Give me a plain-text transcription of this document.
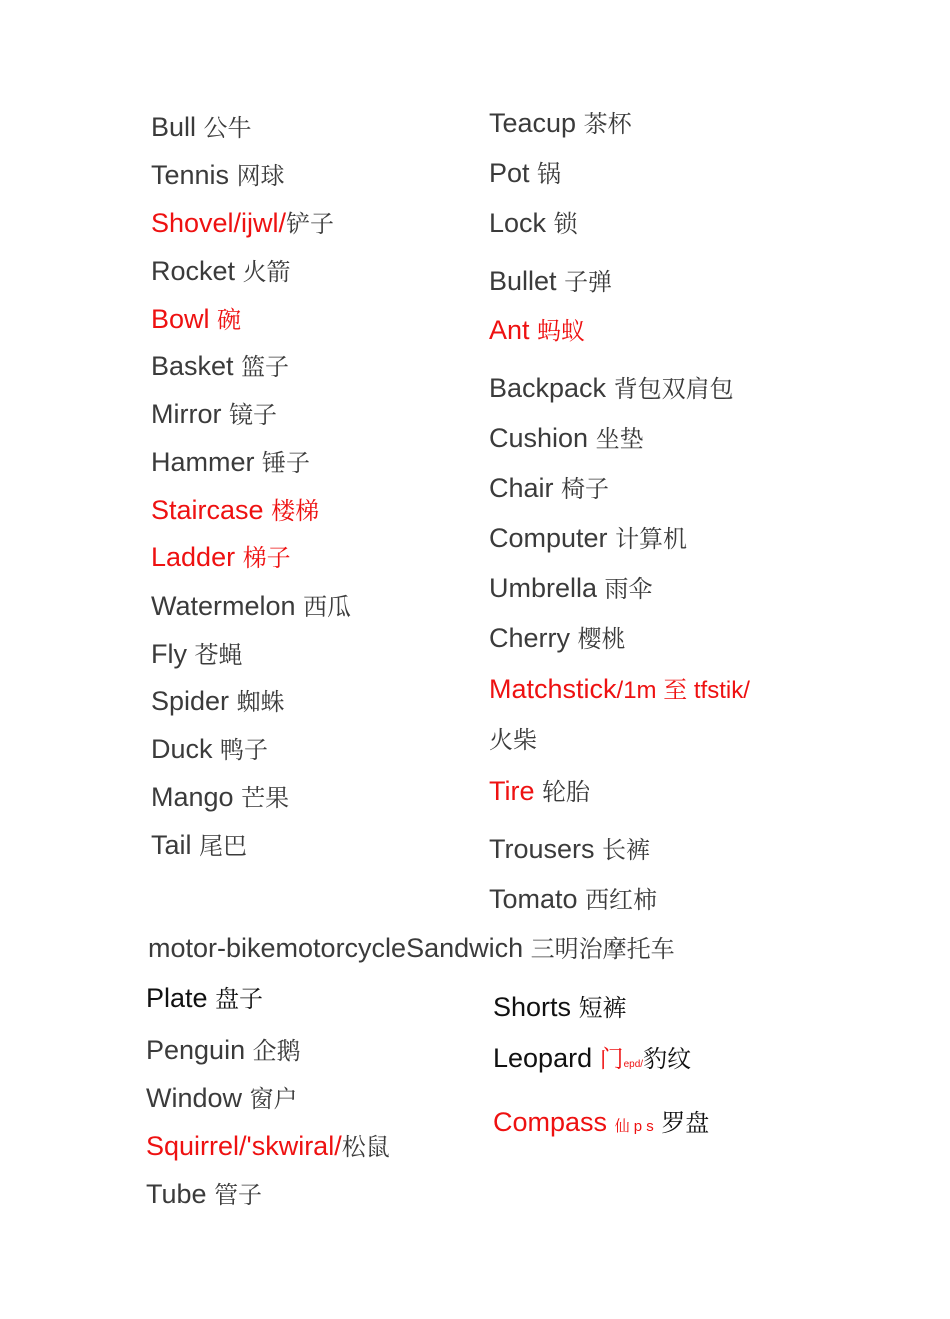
Bull 公牛
Tennis 网球
Shovel/ijwl/铲子
Rocket 火箭
Bowl 碗
Basket 篮子
Mirror 镜子
Hammer 锤子
Staircase 楼梯
Ladder 梯子
Watermelon 西瓜
Fly 苍蝇
Spider 蜘蛛
Duck 鸭子
Mango 芒果
Tail 尾巴
Teacup 茶杯
Pot 锅
Lock 锁
Bullet 子弹
Ant 蚂蚁
Backpack 背包双肩包
Cushion 坐垫
Chair 椅子
Computer 计算机
Umbrella 雨伞
Cherry 樱桃
Matchstick/1m 至 tfstik/
火柴
Tire 轮胎
Trousers 长裤
Tomato 西红柿
motor-bikemotorcycleSandwich 三明治摩托车
Plate 盘子
Penguin 企鹅
Window 窗户
Squirrel/'skwiral/松鼠
Tube 管子
Shorts 短裤
Leopard 门epd/豹纹
Compass 仙 p s 罗盘
